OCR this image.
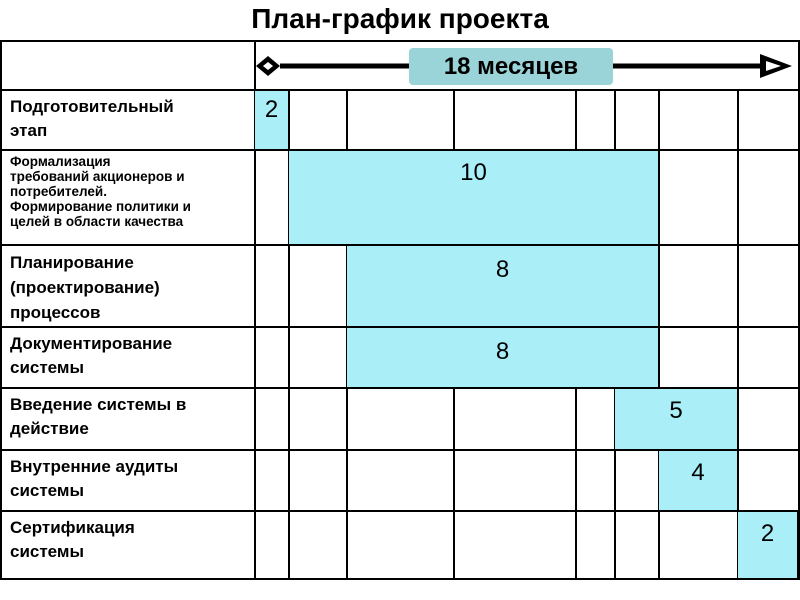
План-график проекта
18 месяцев
Подготовительный
этап
Формализация
требований акционеров и
потребителей.
Формирование политики и
целей в области качества
Планирование
(проектирование)
процессов
Документирование
системы
Введение системы в
действие
Внутренние аудиты
системы
Сертификация
системы
2
10
8
8
5
4
2
